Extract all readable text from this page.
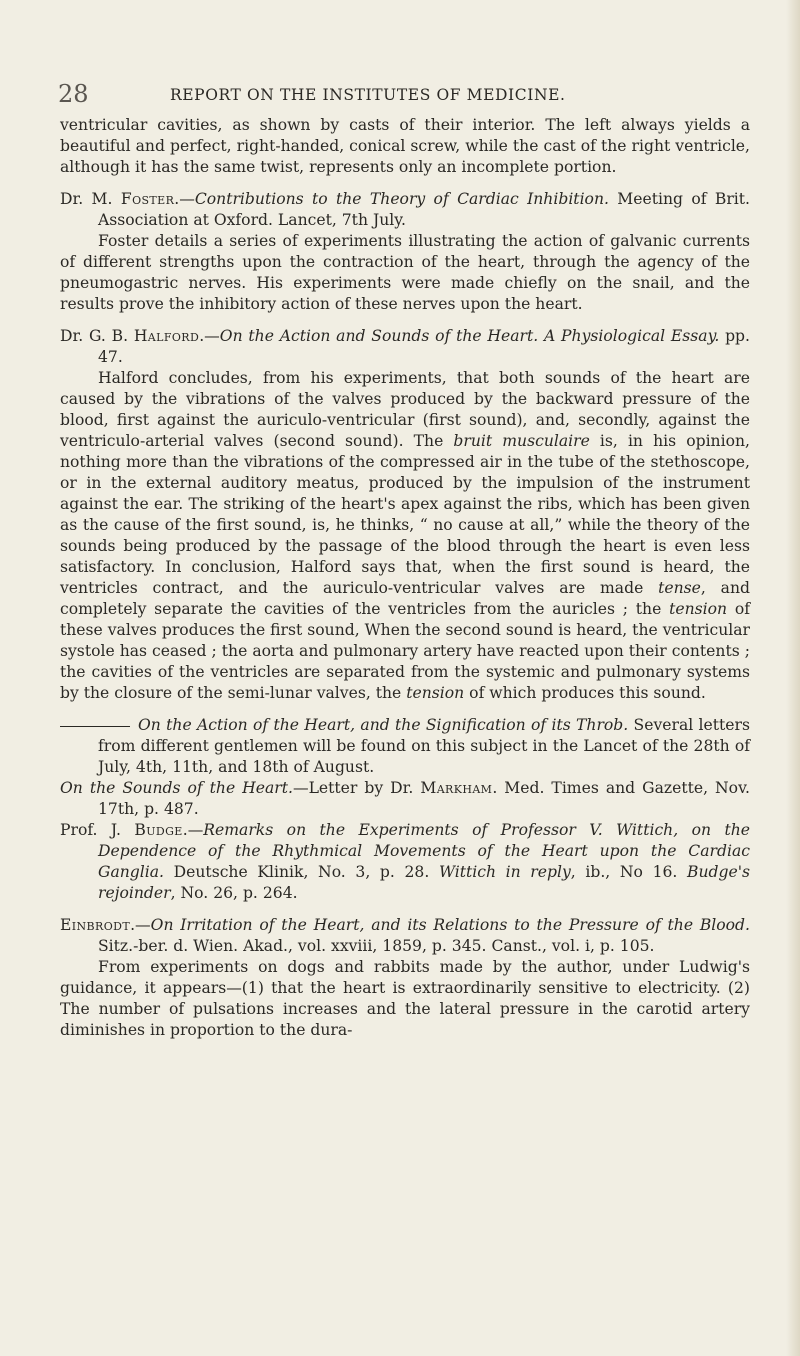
28	REPORT ON THE INSTITUTES OF MEDICINE.

ventricular cavities, as shown by casts of their interior. The left always yields a beautiful and perfect, right-handed, conical screw, while the cast of the right ventricle, although it has the same twist, represents only an incomplete portion.

Dr. M. Foster.—Contributions to the Theory of Cardiac Inhibition. Meeting of Brit. Association at Oxford. Lancet, 7th July.

Foster details a series of experiments illustrating the action of galvanic currents of different strengths upon the contraction of the heart, through the agency of the pneumogastric nerves. His experiments were made chiefly on the snail, and the results prove the inhibitory action of these nerves upon the heart.

Dr. G. B. Halford.—On the Action and Sounds of the Heart. A Physiological Essay. pp. 47.

Halford concludes, from his experiments, that both sounds of the heart are caused by the vibrations of the valves produced by the backward pressure of the blood, first against the auriculo-ventricular (first sound), and, secondly, against the ventriculo-arterial valves (second sound). The bruit musculaire is, in his opinion, nothing more than the vibrations of the compressed air in the tube of the stethoscope, or in the external auditory meatus, produced by the impulsion of the instrument against the ear. The striking of the heart's apex against the ribs, which has been given as the cause of the first sound, is, he thinks, “ no cause at all,” while the theory of the sounds being produced by the passage of the blood through the heart is even less satisfactory. In conclusion, Halford says that, when the first sound is heard, the ventricles contract, and the auriculo-ventricular valves are made tense, and completely separate the cavities of the ventricles from the auricles ; the tension of these valves produces the first sound, When the second sound is heard, the ventricular systole has ceased ; the aorta and pulmonary artery have reacted upon their contents ; the cavities of the ventricles are separated from the systemic and pulmonary systems by the closure of the semi-lunar valves, the tension of which produces this sound.

On the Action of the Heart, and the Signification of its Throb. Several letters from different gentlemen will be found on this subject in the Lancet of the 28th of July, 4th, 11th, and 18th of August.

On the Sounds of the Heart.—Letter by Dr. Markham. Med. Times and Gazette, Nov. 17th, p. 487.

Prof. J. Budge.—Remarks on the Experiments of Professor V. Wittich, on the Dependence of the Rhythmical Movements of the Heart upon the Cardiac Ganglia. Deutsche Klinik, No. 3, p. 28. Wittich in reply, ib., No 16. Budge's rejoinder, No. 26, p. 264.

Einbrodt.—On Irritation of the Heart, and its Relations to the Pressure of the Blood. Sitz.-ber. d. Wien. Akad., vol. xxviii, 1859, p. 345. Canst., vol. i, p. 105.

From experiments on dogs and rabbits made by the author, under Ludwig's guidance, it appears—(1) that the heart is extraordinarily sensitive to electricity. (2) The number of pulsations increases and the lateral pressure in the carotid artery diminishes in proportion to the dura-
